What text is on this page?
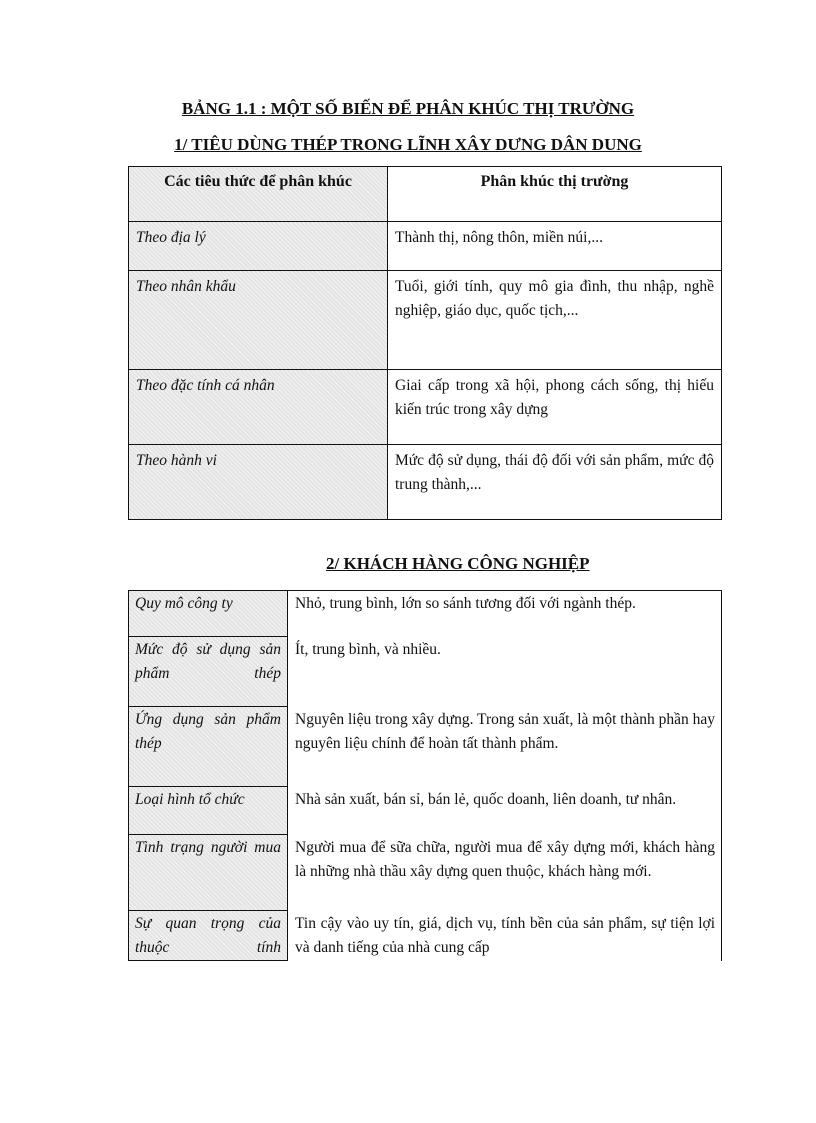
BẢNG 1.1 : MỘT SỐ BIẾN ĐỂ PHÂN KHÚC THỊ TRƯỜNG
1/ TIÊU DÙNG THÉP TRONG LĨNH XÂY DƯNG DÂN DUNG
Các tiêu thức để phân khúc	Phân khúc thị trường
Theo địa lý	Thành thị, nông thôn, miền núi,...
Theo nhân khẩu	Tuổi, giới tính, quy mô gia đình, thu nhập, nghề nghiệp, giáo dục, quốc tịch,...
Theo đặc tính cá nhân	Giai cấp trong xã hội, phong cách sống, thị hiếu kiến trúc trong xây dựng
Theo hành vi	Mức độ sử dụng, thái độ đối với sản phẩm, mức độ trung thành,...
2/ KHÁCH HÀNG CÔNG NGHIỆP
Quy mô công ty	Nhỏ, trung bình, lớn so sánh tương đối với ngành thép.
Mức độ sử dụng sản phẩm thép	Ít, trung bình, và nhiều.
Ứng dụng sản phẩm thép	Nguyên liệu trong xây dựng. Trong sản xuất, là một thành phần hay nguyên liệu chính để hoàn tất thành phẩm.
Loại hình tổ chức	Nhà sản xuất, bán sỉ, bán lẻ, quốc doanh, liên doanh, tư nhân.
Tình trạng người mua	Người mua để sữa chữa, người mua để xây dựng mới, khách hàng là những nhà thầu xây dựng quen thuộc, khách hàng mới.
Sự quan trọng của thuộc tính	Tin cậy vào uy tín, giá, dịch vụ, tính bền của sản phẩm, sự tiện lợi và danh tiếng của nhà cung cấp
